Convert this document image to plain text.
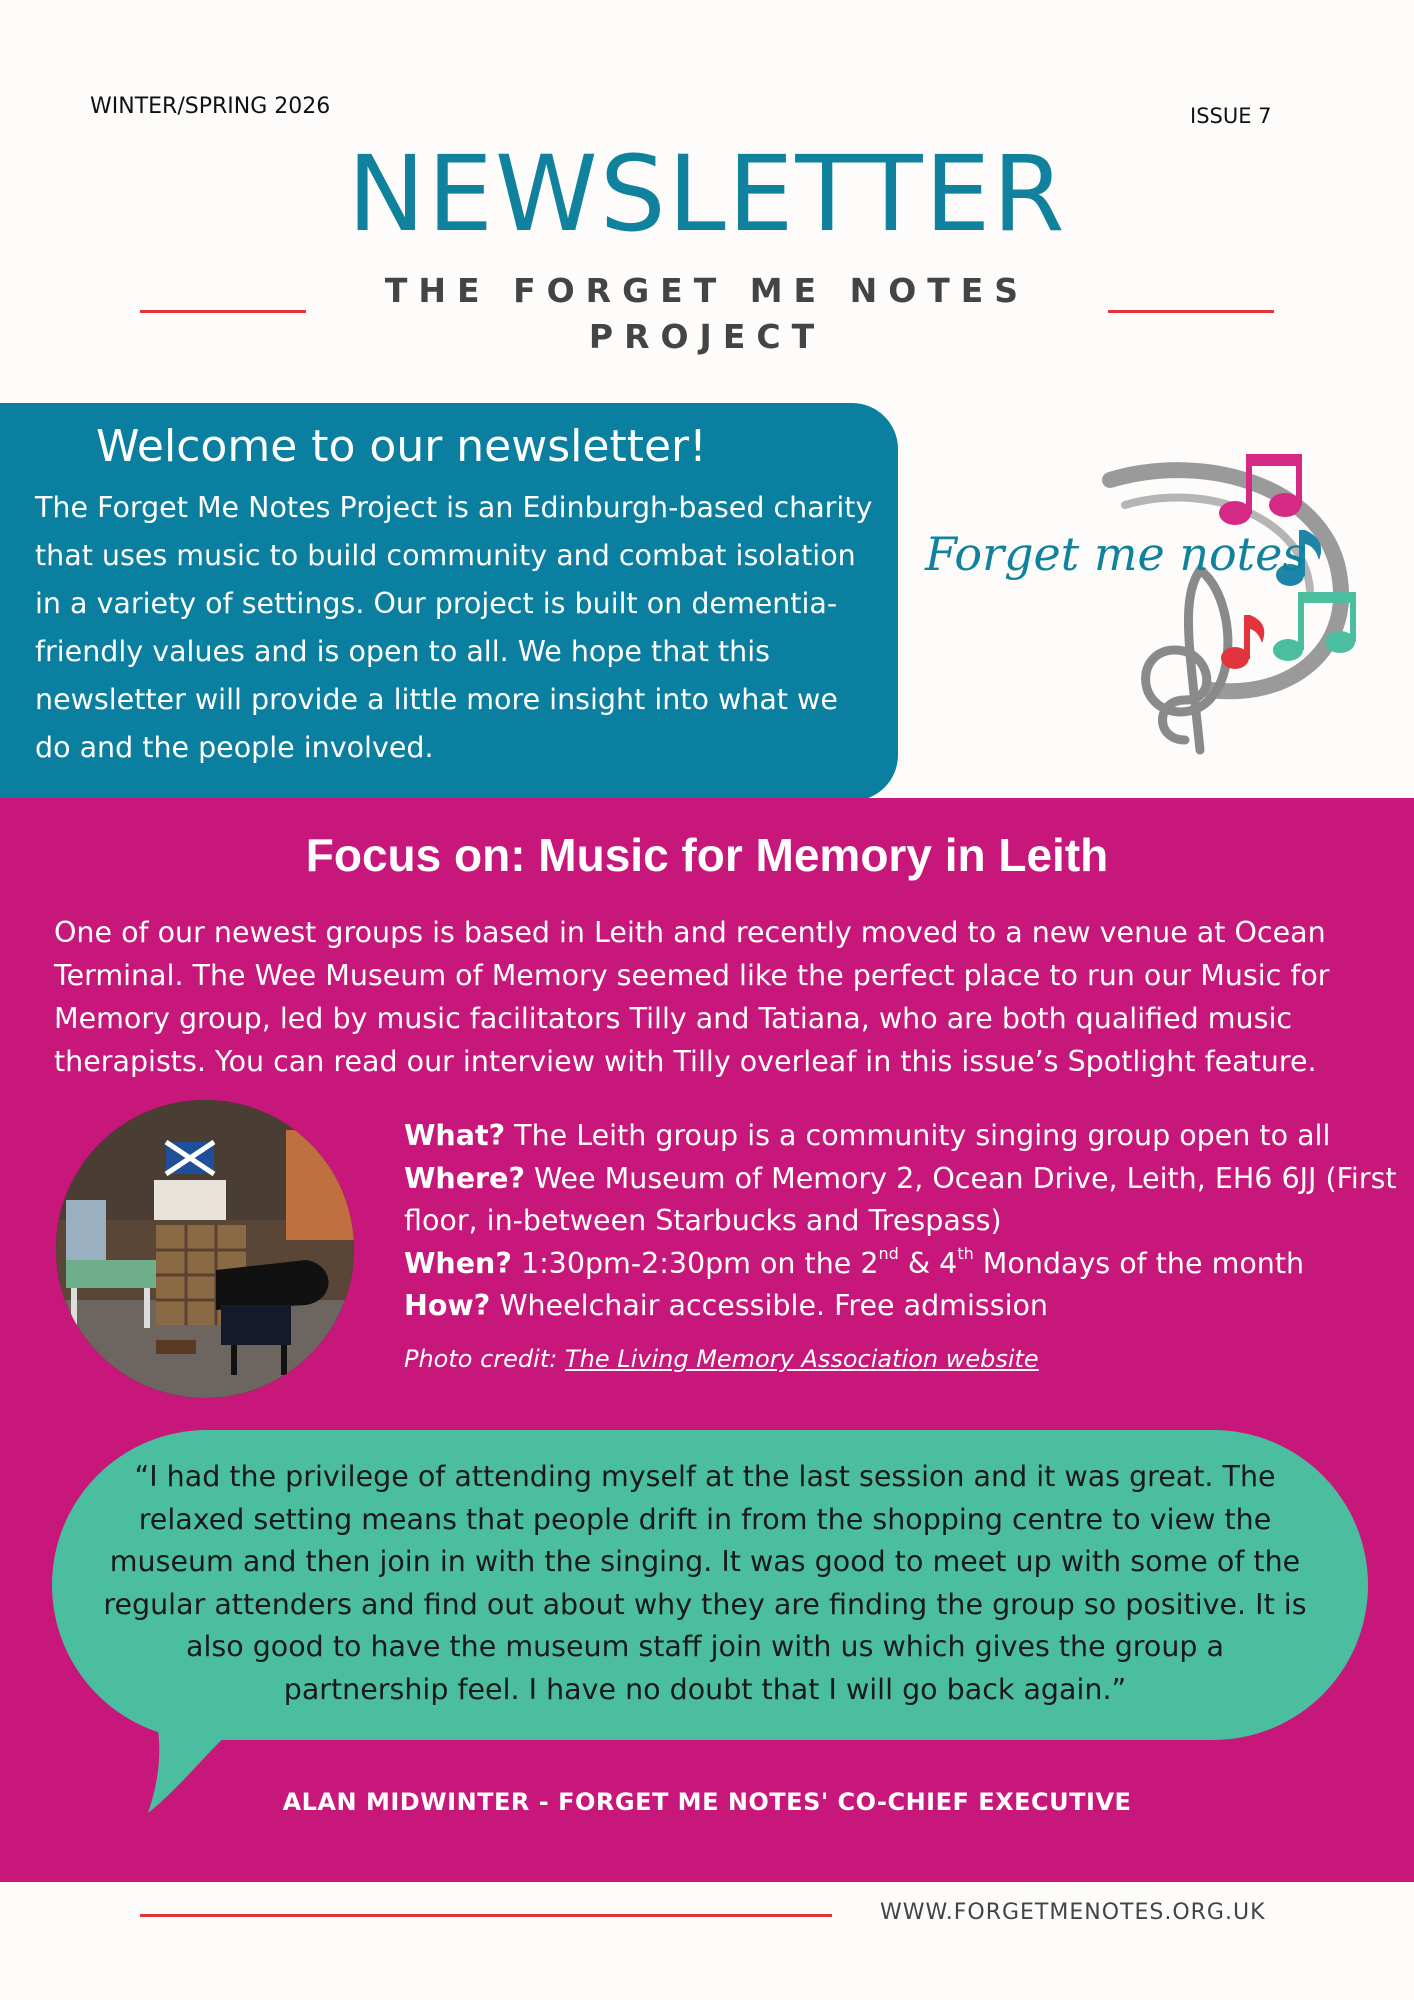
WINTER/SPRING 2026	ISSUE 7
NEWSLETTER
THE FORGET ME NOTES
PROJECT
Welcome to our newsletter!
The Forget Me Notes Project is an Edinburgh-based charity that uses music to build community and combat isolation in a variety of settings. Our project is built on dementia-friendly values and is open to all. We hope that this newsletter will provide a little more insight into what we do and the people involved.
Forget me notes
Focus on: Music for Memory in Leith
One of our newest groups is based in Leith and recently moved to a new venue at Ocean Terminal. The Wee Museum of Memory seemed like the perfect place to run our Music for Memory group, led by music facilitators Tilly and Tatiana, who are both qualified music therapists. You can read our interview with Tilly overleaf in this issue’s Spotlight feature.
What? The Leith group is a community singing group open to all
Where? Wee Museum of Memory 2, Ocean Drive, Leith, EH6 6JJ (First floor, in-between Starbucks and Trespass)
When? 1:30pm-2:30pm on the 2nd & 4th Mondays of the month
How? Wheelchair accessible. Free admission
Photo credit: The Living Memory Association website
“I had the privilege of attending myself at the last session and it was great. The relaxed setting means that people drift in from the shopping centre to view the museum and then join in with the singing. It was good to meet up with some of the regular attenders and find out about why they are finding the group so positive. It is also good to have the museum staff join with us which gives the group a partnership feel. I have no doubt that I will go back again.”
ALAN MIDWINTER - FORGET ME NOTES' CO-CHIEF EXECUTIVE
WWW.FORGETMENOTES.ORG.UK
